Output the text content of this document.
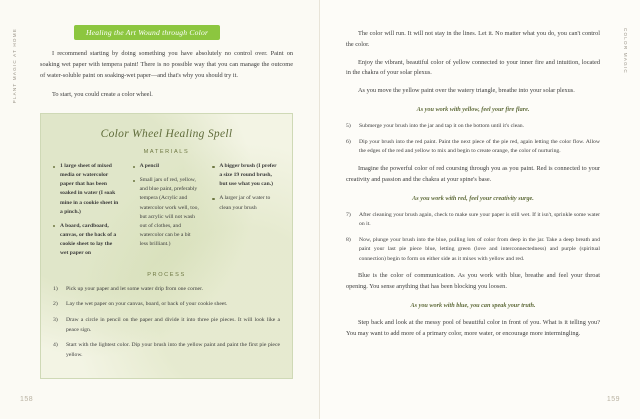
PLANT MAGIC AT HOME	Healing the Art Wound through Color

I recommend starting by doing something you have absolutely no control over. Paint on soaking wet paper with tempera paint! There is no possible way that you can manage the outcome of water-soluble paint on soaking-wet paper—and that's why you should try it.

To start, you could create a color wheel.

Color Wheel Healing Spell
MATERIALS
1 large sheet of mixed media or watercolor paper that has been soaked in water (I soak mine in a cookie sheet in a pinch.)
A board, cardboard, canvas, or the back of a cookie sheet to lay the wet paper on
A pencil
Small jars of red, yellow, and blue paint, preferably tempera (Acrylic and watercolor work well, too, but acrylic will not wash out of clothes, and watercolor can be a bit less brilliant.)
A bigger brush (I prefer a size 19 round brush, but use what you can.)
A larger jar of water to clean your brush
PROCESS
Pick up your paper and let some water drip from one corner.
Lay the wet paper on your canvas, board, or back of your cookie sheet.
Draw a circle in pencil on the paper and divide it into three pie pieces. It will look like a peace sign.
Start with the lightest color. Dip your brush into the yellow paint and paint the first pie piece yellow.
158
COLOR MAGIC

The color will run. It will not stay in the lines. Let it. No matter what you do, you can't control the color.

Enjoy the vibrant, beautiful color of yellow connected to your inner fire and intuition, located in the chakra of your solar plexus.

As you move the yellow paint over the watery triangle, breathe into your solar plexus.

As you work with yellow, feel your fire flare.
Submerge your brush into the jar and tap it on the bottom until it's clean.
Dip your brush into the red paint. Paint the next piece of the pie red, again letting the color flow. Allow the edges of the red and yellow to mix and begin to create orange, the color of nurturing.

Imagine the powerful color of red coursing through you as you paint. Red is connected to your creativity and passion and the chakra at your spine's base.

As you work with red, feel your creativity surge.
After cleaning your brush again, check to make sure your paper is still wet. If it isn't, sprinkle some water on it.
Now, plunge your brush into the blue, pulling lots of color from deep in the jar. Take a deep breath and paint your last pie piece blue, letting green (love and interconnectedness) and purple (spiritual connection) begin to form on either side as it mixes with yellow and red.

Blue is the color of communication. As you work with blue, breathe and feel your throat opening. You sense anything that has been blocking you loosen.

As you work with blue, you can speak your truth.

Step back and look at the messy pool of beautiful color in front of you. What is it telling you? You may want to add more of a primary color, more water, or encourage more intermingling.

159
